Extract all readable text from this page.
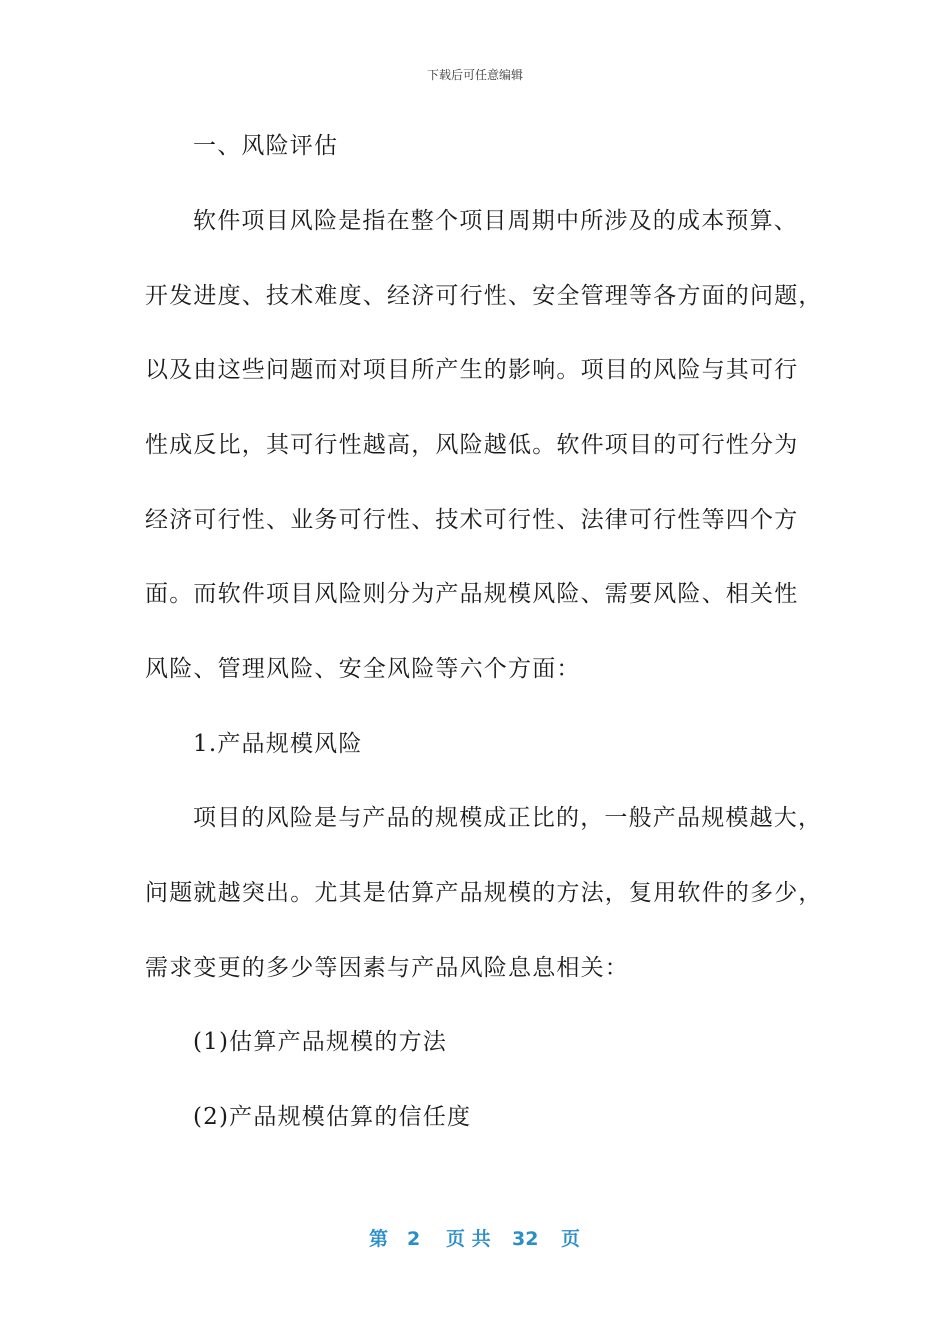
下载后可任意编辑
一、风险评估
软件项目风险是指在整个项目周期中所涉及的成本预算、
开发进度、技术难度、经济可行性、安全管理等各方面的问题，
以及由这些问题而对项目所产生的影响。项目的风险与其可行
性成反比，其可行性越高，风险越低。软件项目的可行性分为
经济可行性、业务可行性、技术可行性、法律可行性等四个方
面。而软件项目风险则分为产品规模风险、需要风险、相关性
风险、管理风险、安全风险等六个方面：
1.产品规模风险
项目的风险是与产品的规模成正比的，一般产品规模越大，
问题就越突出。尤其是估算产品规模的方法，复用软件的多少，
需求变更的多少等因素与产品风险息息相关：
(1)估算产品规模的方法
(2)产品规模估算的信任度
第 2 页 共 32 页
